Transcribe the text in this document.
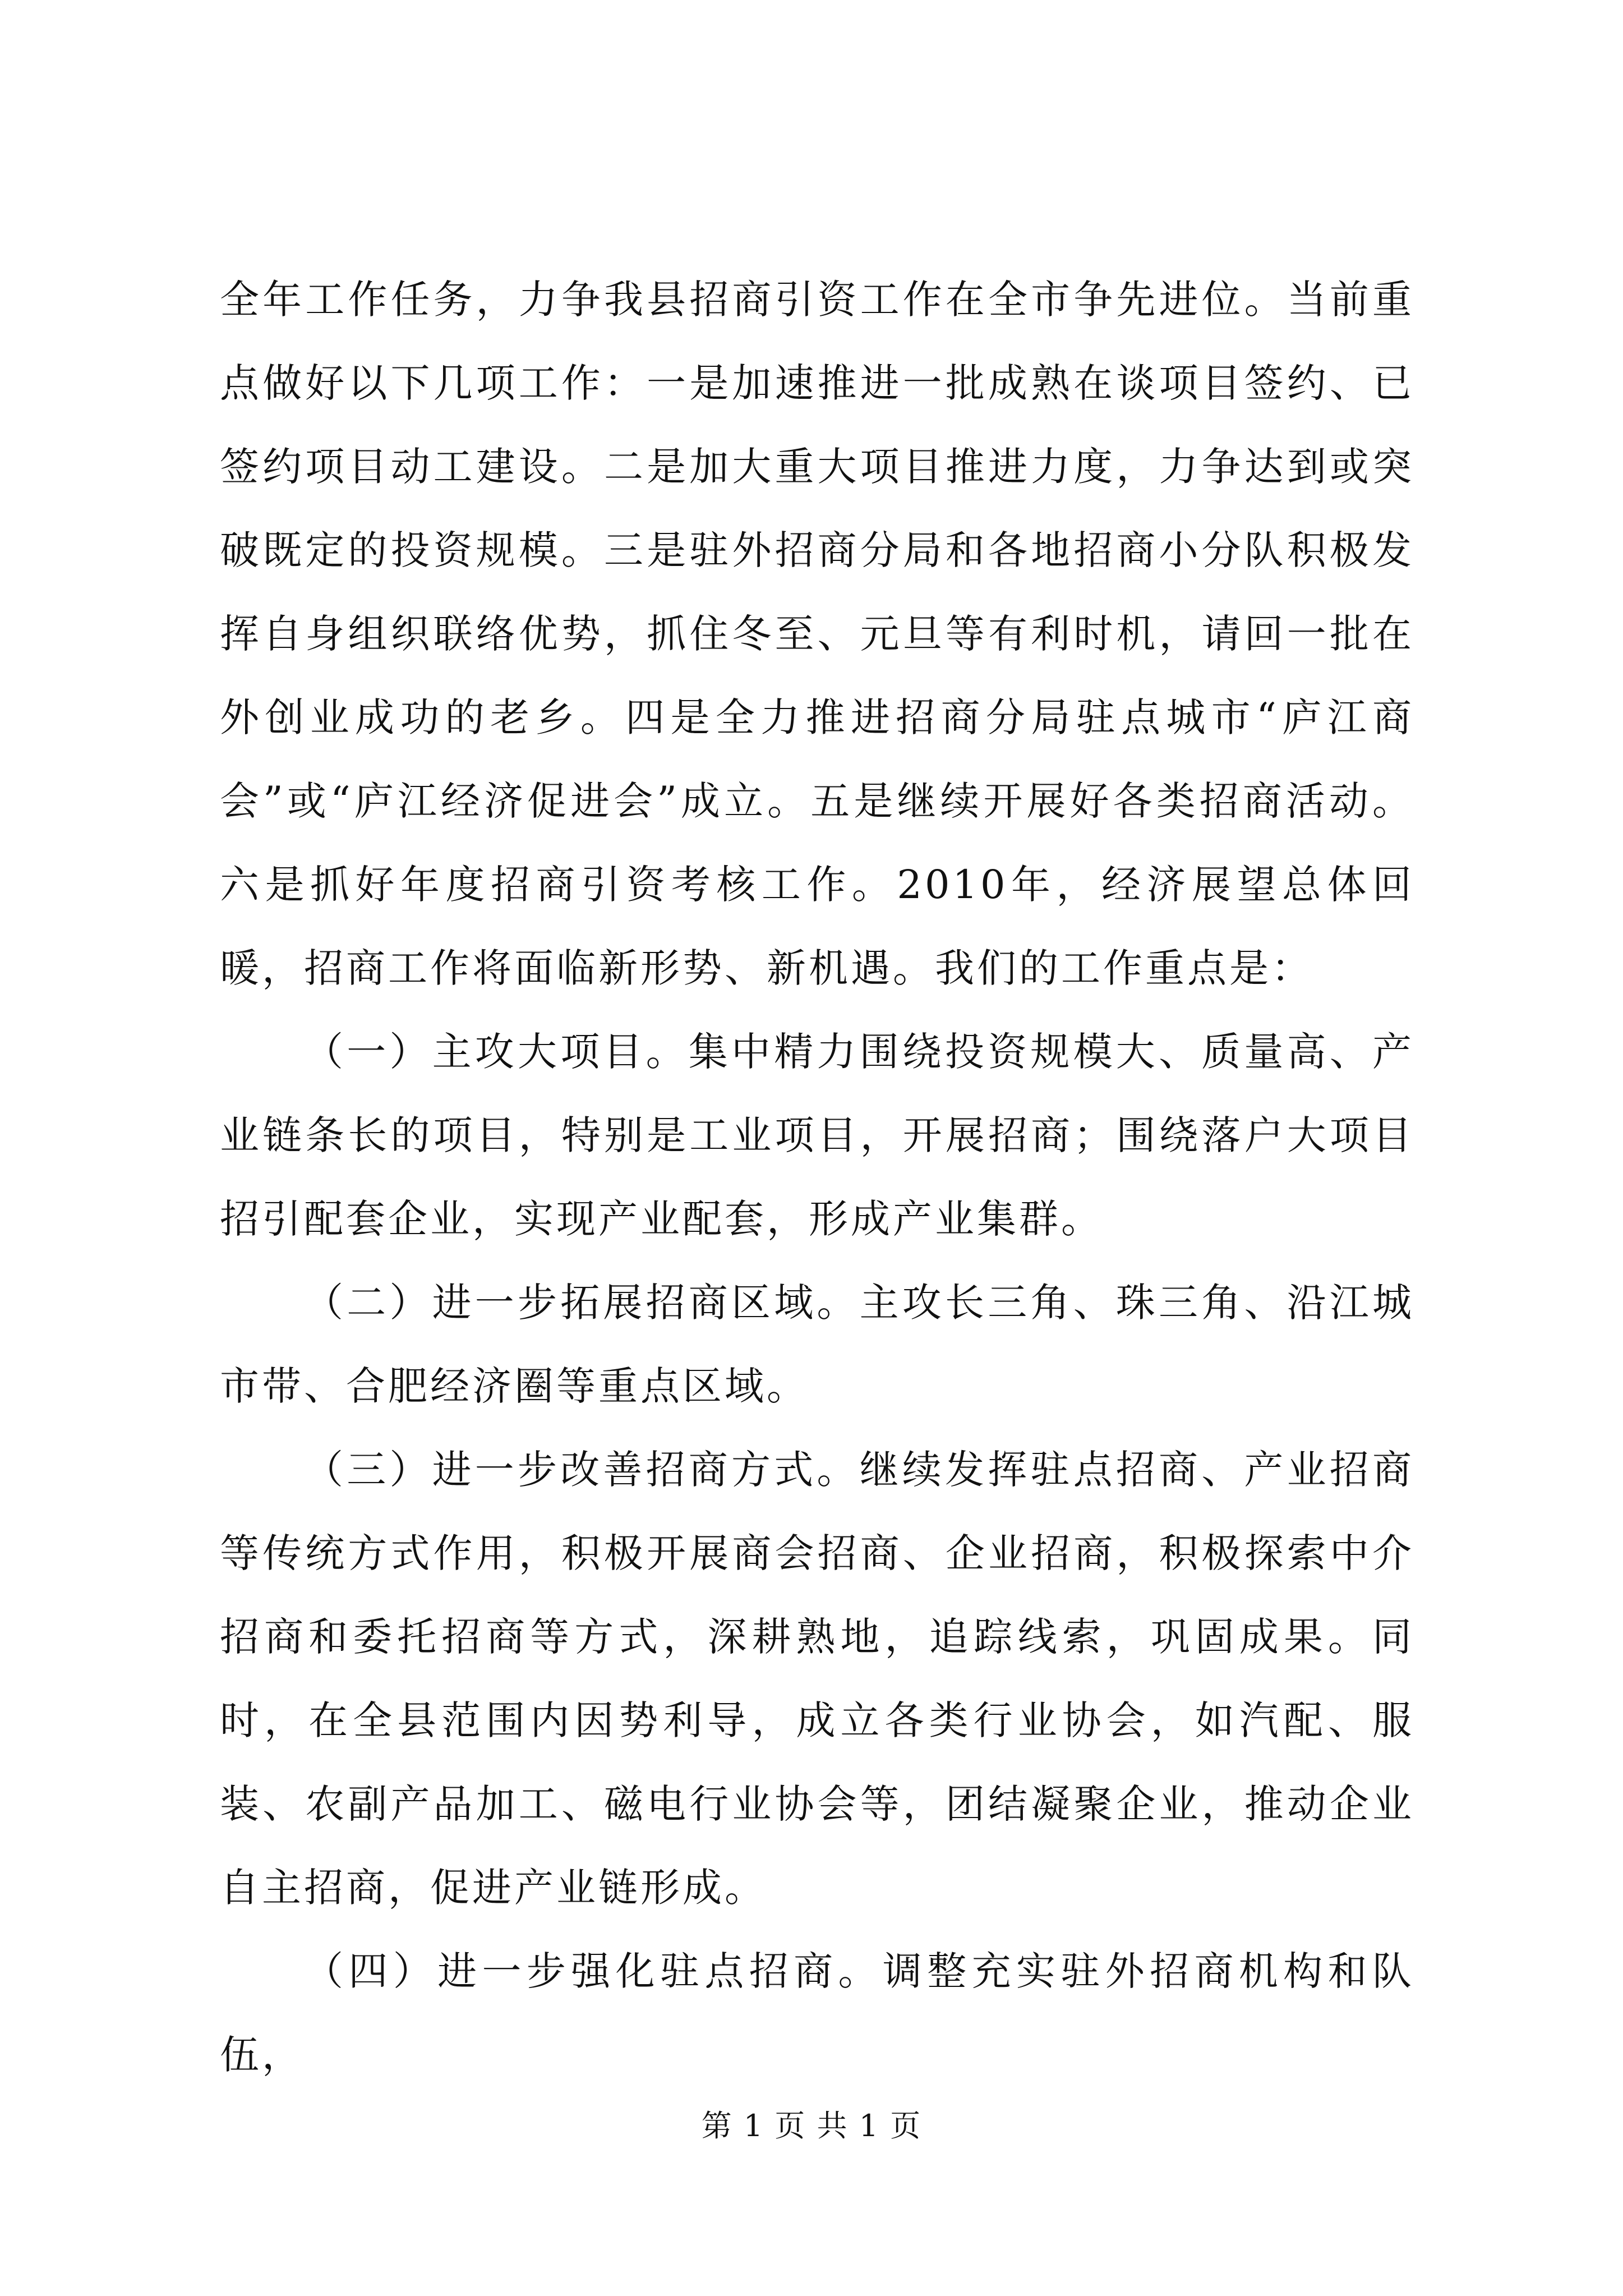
全年工作任务，力争我县招商引资工作在全市争先进位。当前重点做好以下几项工作：一是加速推进一批成熟在谈项目签约、已签约项目动工建设。二是加大重大项目推进力度，力争达到或突破既定的投资规模。三是驻外招商分局和各地招商小分队积极发挥自身组织联络优势，抓住冬至、元旦等有利时机，请回一批在外创业成功的老乡。四是全力推进招商分局驻点城市“庐江商会”或“庐江经济促进会”成立。五是继续开展好各类招商活动。六是抓好年度招商引资考核工作。2010年，经济展望总体回暖，招商工作将面临新形势、新机遇。我们的工作重点是：

（一）主攻大项目。集中精力围绕投资规模大、质量高、产业链条长的项目，特别是工业项目，开展招商；围绕落户大项目招引配套企业，实现产业配套，形成产业集群。

（二）进一步拓展招商区域。主攻长三角、珠三角、沿江城市带、合肥经济圈等重点区域。

（三）进一步改善招商方式。继续发挥驻点招商、产业招商等传统方式作用，积极开展商会招商、企业招商，积极探索中介招商和委托招商等方式，深耕熟地，追踪线索，巩固成果。同时，在全县范围内因势利导，成立各类行业协会，如汽配、服装、农副产品加工、磁电行业协会等，团结凝聚企业，推动企业自主招商，促进产业链形成。

（四）进一步强化驻点招商。调整充实驻外招商机构和队伍，

第 1 页 共 1 页
